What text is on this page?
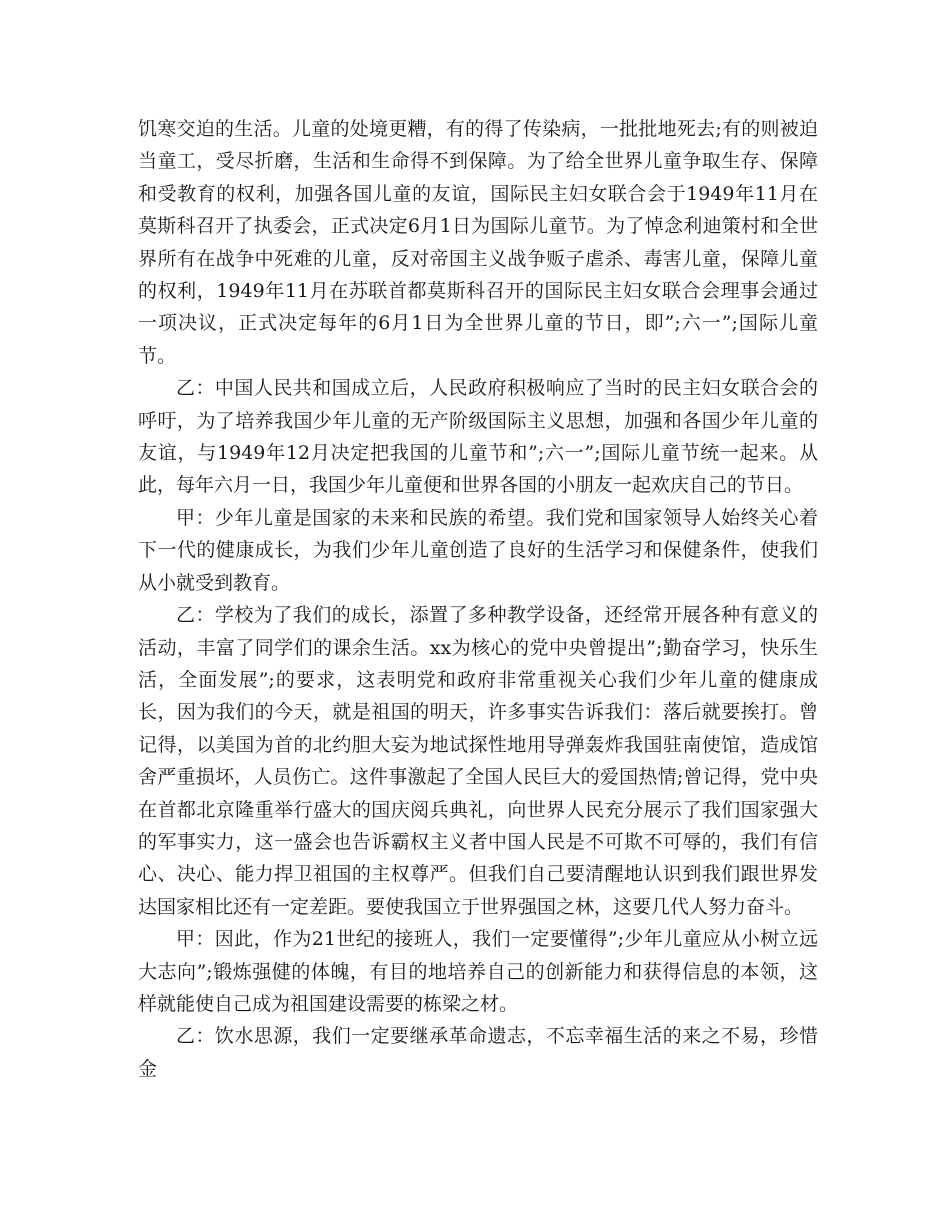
饥寒交迫的生活。儿童的处境更糟，有的得了传染病，一批批地死去;有的则被迫当童工，受尽折磨，生活和生命得不到保障。为了给全世界儿童争取生存、保障和受教育的权利，加强各国儿童的友谊，国际民主妇女联合会于1949年11月在莫斯科召开了执委会，正式决定6月1日为国际儿童节。为了悼念利迪策村和全世界所有在战争中死难的儿童，反对帝国主义战争贩子虐杀、毒害儿童，保障儿童的权利，1949年11月在苏联首都莫斯科召开的国际民主妇女联合会理事会通过一项决议，正式决定每年的6月1日为全世界儿童的节日，即”;六一”;国际儿童节。

乙：中国人民共和国成立后，人民政府积极响应了当时的民主妇女联合会的呼吁，为了培养我国少年儿童的无产阶级国际主义思想，加强和各国少年儿童的友谊，与1949年12月决定把我国的儿童节和”;六一”;国际儿童节统一起来。从此，每年六月一日，我国少年儿童便和世界各国的小朋友一起欢庆自己的节日。

甲：少年儿童是国家的未来和民族的希望。我们党和国家领导人始终关心着下一代的健康成长，为我们少年儿童创造了良好的生活学习和保健条件，使我们从小就受到教育。

乙：学校为了我们的成长，添置了多种教学设备，还经常开展各种有意义的活动，丰富了同学们的课余生活。xx为核心的党中央曾提出”;勤奋学习，快乐生活，全面发展”;的要求，这表明党和政府非常重视关心我们少年儿童的健康成长，因为我们的今天，就是祖国的明天，许多事实告诉我们：落后就要挨打。曾记得，以美国为首的北约胆大妄为地试探性地用导弹轰炸我国驻南使馆，造成馆舍严重损坏，人员伤亡。这件事激起了全国人民巨大的爱国热情;曾记得，党中央在首都北京隆重举行盛大的国庆阅兵典礼，向世界人民充分展示了我们国家强大的军事实力，这一盛会也告诉霸权主义者中国人民是不可欺不可辱的，我们有信心、决心、能力捍卫祖国的主权尊严。但我们自己要清醒地认识到我们跟世界发达国家相比还有一定差距。要使我国立于世界强国之林，这要几代人努力奋斗。

甲：因此，作为21世纪的接班人，我们一定要懂得”;少年儿童应从小树立远大志向”;锻炼强健的体魄，有目的地培养自己的创新能力和获得信息的本领，这样就能使自己成为祖国建设需要的栋梁之材。

乙：饮水思源，我们一定要继承革命遗志，不忘幸福生活的来之不易，珍惜金
